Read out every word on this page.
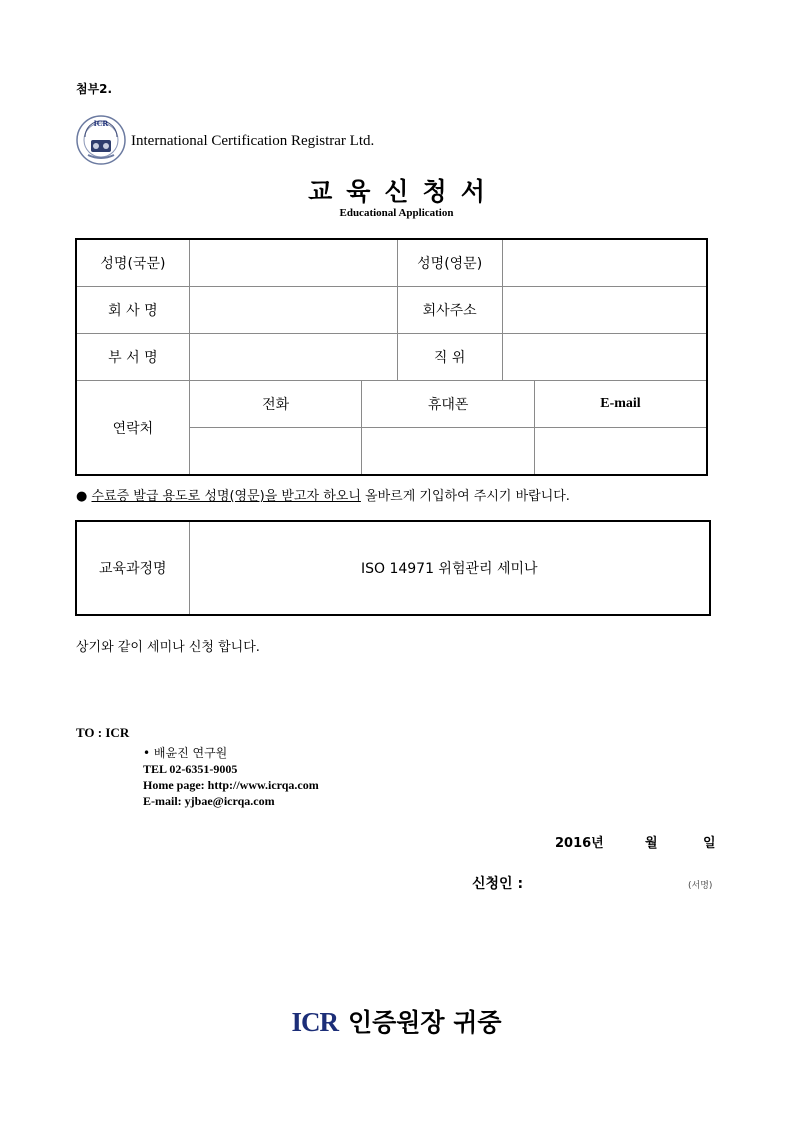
첨부2.
ICR
International Certification Registrar Ltd.
교육신청서
Educational Application
성명(국문)			성명(영문)		
회 사 명			회사주소		
부 서 명			직 위		
연락처	전화	휴대폰			E-mail

● 수료증 발급 용도로 성명(영문)을 받고자 하오니 올바르게 기입하여 주시기 바랍니다.
교육과정명	ISO 14971 위험관리 세미나
상기와 같이 세미나 신청 합니다.
TO : ICR
• 배윤진 연구원
TEL 02-6351-9005
Home page: http://www.icrqa.com
E-mail: yjbae@icrqa.com
2016년	월	일
신청인 :	(서명)
ICR 인증원장 귀중
